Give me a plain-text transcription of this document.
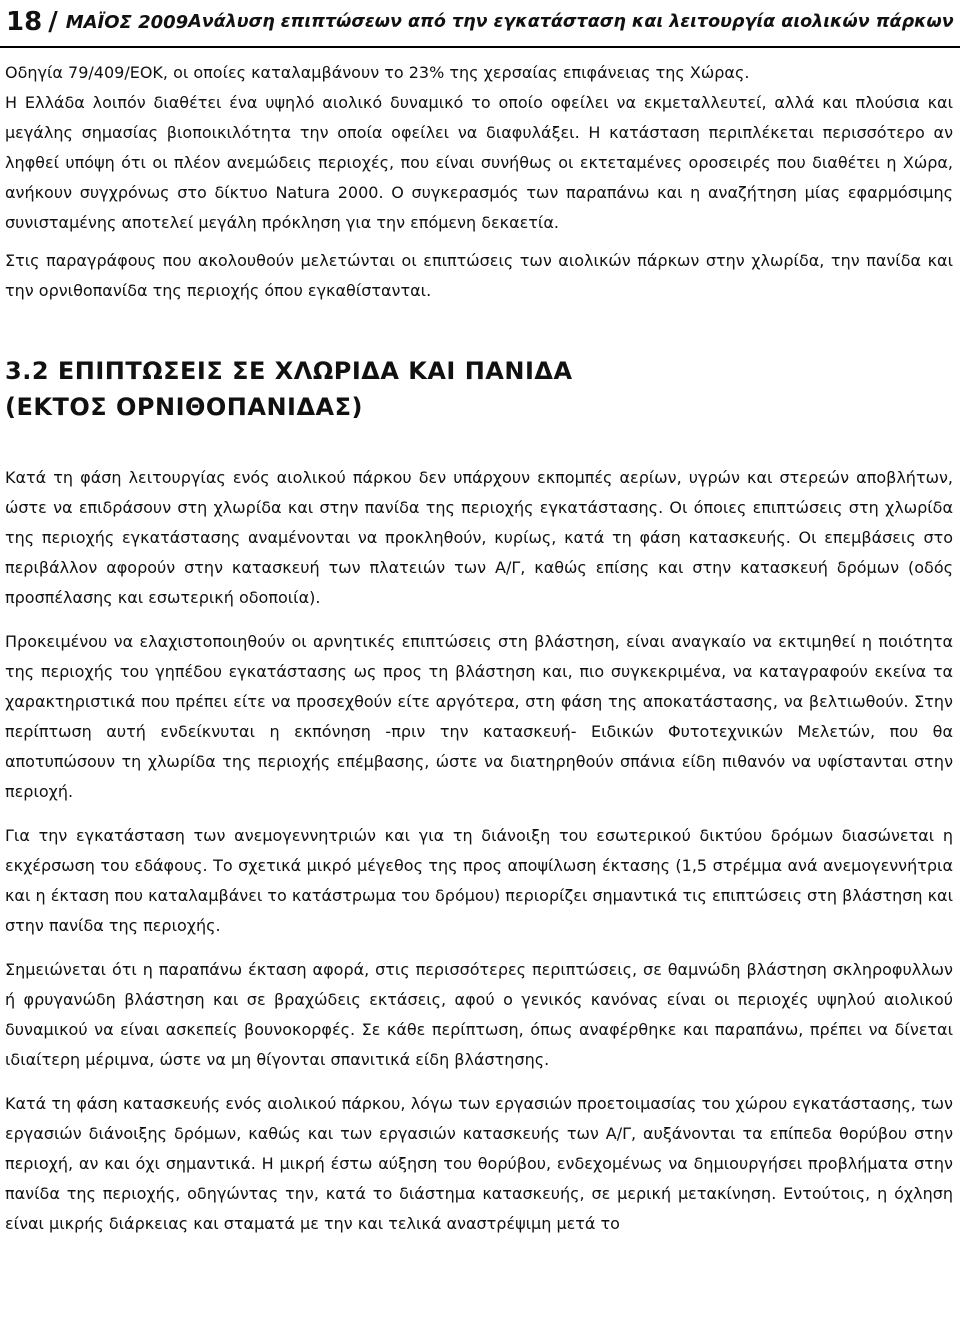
18 / ΜΑΪΟΣ 2009 Ανάλυση επιπτώσεων από την εγκατάσταση και λειτουργία αιολικών πάρκων

Οδηγία 79/409/ΕΟΚ, οι οποίες καταλαμβάνουν το 23% της χερσαίας επιφάνειας της Χώρας.

Η Ελλάδα λοιπόν διαθέτει ένα υψηλό αιολικό δυναμικό το οποίο οφείλει να εκμεταλλευτεί, αλλά και πλούσια και μεγάλης σημασίας βιοποικιλότητα την οποία οφείλει να διαφυλάξει. Η κατάσταση περιπλέκεται περισσότερο αν ληφθεί υπόψη ότι οι πλέον ανεμώδεις περιοχές, που είναι συνήθως οι εκτεταμένες οροσειρές που διαθέτει η Χώρα, ανήκουν συγχρόνως στο δίκτυο Natura 2000. Ο συγκερασμός των παραπάνω και η αναζήτηση μίας εφαρμόσιμης συνισταμένης αποτελεί μεγάλη πρόκληση για την επόμενη δεκαετία.

Στις παραγράφους που ακολουθούν μελετώνται οι επιπτώσεις των αιολικών πάρκων στην χλωρίδα, την πανίδα και την ορνιθοπανίδα της περιοχής όπου εγκαθίστανται.

3.2 ΕΠΙΠΤΩΣΕΙΣ ΣΕ ΧΛΩΡΙΔΑ ΚΑΙ ΠΑΝΙΔΑ
(ΕΚΤΟΣ ΟΡΝΙΘΟΠΑΝΙΔΑΣ)

Κατά τη φάση λειτουργίας ενός αιολικού πάρκου δεν υπάρχουν εκπομπές αερίων, υγρών και στερεών αποβλήτων, ώστε να επιδράσουν στη χλωρίδα και στην πανίδα της περιοχής εγκατάστασης. Οι όποιες επιπτώσεις στη χλωρίδα της περιοχής εγκατάστασης αναμένονται να προκληθούν, κυρίως, κατά τη φάση κατασκευής. Οι επεμβάσεις στο περιβάλλον αφορούν στην κατασκευή των πλατειών των Α/Γ, καθώς επίσης και στην κατασκευή δρόμων (οδός προσπέλασης και εσωτερική οδοποιία).

Προκειμένου να ελαχιστοποιηθούν οι αρνητικές επιπτώσεις στη βλάστηση, είναι αναγκαίο να εκτιμηθεί η ποιότητα της περιοχής του γηπέδου εγκατάστασης ως προς τη βλάστηση και, πιο συγκεκριμένα, να καταγραφούν εκείνα τα χαρακτηριστικά που πρέπει είτε να προσεχθούν είτε αργότερα, στη φάση της αποκατάστασης, να βελτιωθούν. Στην περίπτωση αυτή ενδείκνυται η εκπόνηση -πριν την κατασκευή- Ειδικών Φυτοτεχνικών Μελετών, που θα αποτυπώσουν τη χλωρίδα της περιοχής επέμβασης, ώστε να διατηρηθούν σπάνια είδη πιθανόν να υφίστανται στην περιοχή.

Για την εγκατάσταση των ανεμογεννητριών και για τη διάνοιξη του εσωτερικού δικτύου δρόμων διασώνεται η εκχέρσωση του εδάφους. Το σχετικά μικρό μέγεθος της προς αποψίλωση έκτασης (1,5 στρέμμα ανά ανεμογεννήτρια και η έκταση που καταλαμβάνει το κατάστρωμα του δρόμου) περιορίζει σημαντικά τις επιπτώσεις στη βλάστηση και στην πανίδα της περιοχής.

Σημειώνεται ότι η παραπάνω έκταση αφορά, στις περισσότερες περιπτώσεις, σε θαμνώδη βλάστηση σκληροφυλλων ή φρυγανώδη βλάστηση και σε βραχώδεις εκτάσεις, αφού ο γενικός κανόνας είναι οι περιοχές υψηλού αιολικού δυναμικού να είναι ασκεπείς βουνοκορφές. Σε κάθε περίπτωση, όπως αναφέρθηκε και παραπάνω, πρέπει να δίνεται ιδιαίτερη μέριμνα, ώστε να μη θίγονται σπανιτικά είδη βλάστησης.

Κατά τη φάση κατασκευής ενός αιολικού πάρκου, λόγω των εργασιών προετοιμασίας του χώρου εγκατάστασης, των εργασιών διάνοιξης δρόμων, καθώς και των εργασιών κατασκευής των Α/Γ, αυξάνονται τα επίπεδα θορύβου στην περιοχή, αν και όχι σημαντικά. Η μικρή έστω αύξηση του θορύβου, ενδεχομένως να δημιουργήσει προβλήματα στην πανίδα της περιοχής, οδηγώντας την, κατά το διάστημα κατασκευής, σε μερική μετακίνηση. Εντούτοις, η όχληση είναι μικρής διάρκειας και σταματά με την και τελικά αναστρέψιμη μετά το
